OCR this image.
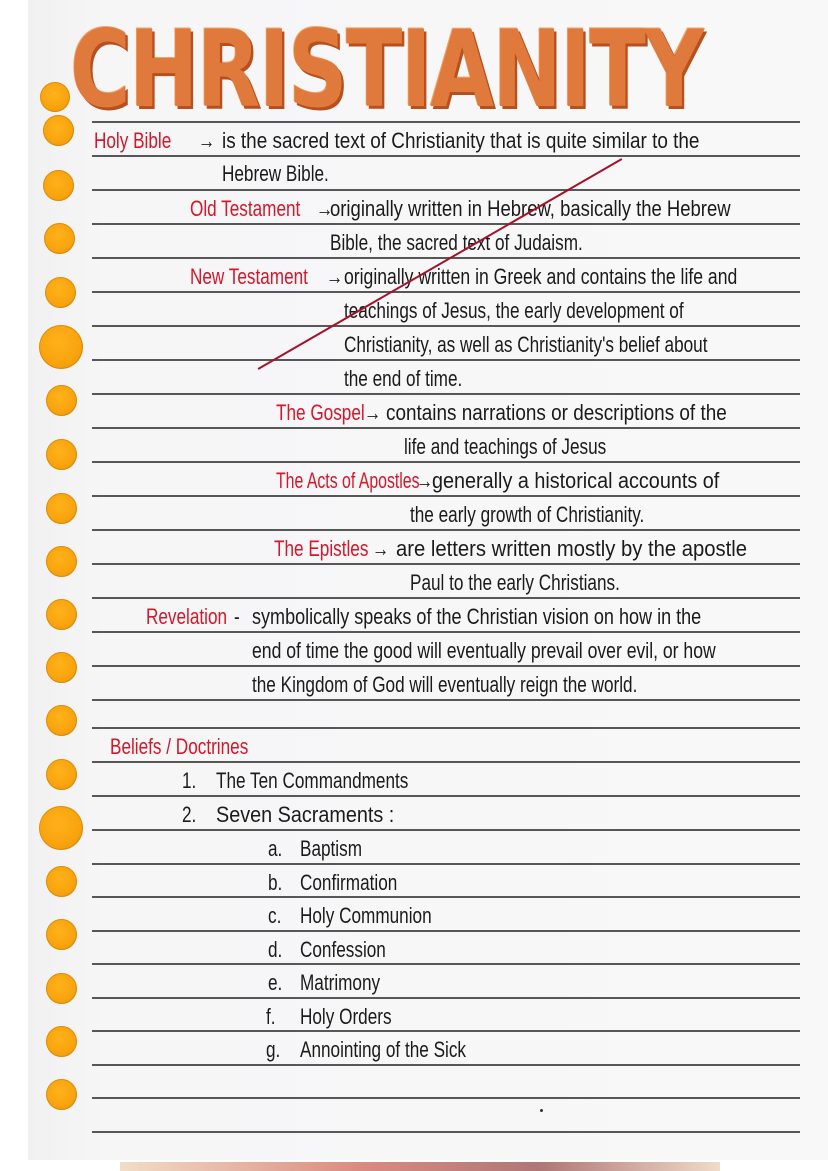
CHRISTIANITY
Holy Bible → is the sacred text of Christianity that is quite similar to the
Hebrew Bible.
Old Testament →
originally written in Hebrew, basically the Hebrew
Bible, the sacred text of Judaism.
New Testament → originally written in Greek and contains the life and
teachings of Jesus, the early development of
Christianity, as well as Christianity's belief about
the end of time.
The Gospel → contains narrations or descriptions of the
life and teachings of Jesus
The Acts of Apostles
→
generally a historical accounts of
the early growth of Christianity.
The Epistles → are letters written mostly by the apostle
Paul to the early Christians.
Revelation - symbolically speaks of the Christian vision on how in the
end of time the good will eventually prevail over evil, or how
the Kingdom of God will eventually reign the world.
Beliefs / Doctrines
1. The Ten Commandments
2. Seven Sacraments :
a. Baptism
b. Confirmation
c. Holy Communion
d. Confession
e. Matrimony
f. Holy Orders
g. Annointing of the Sick
